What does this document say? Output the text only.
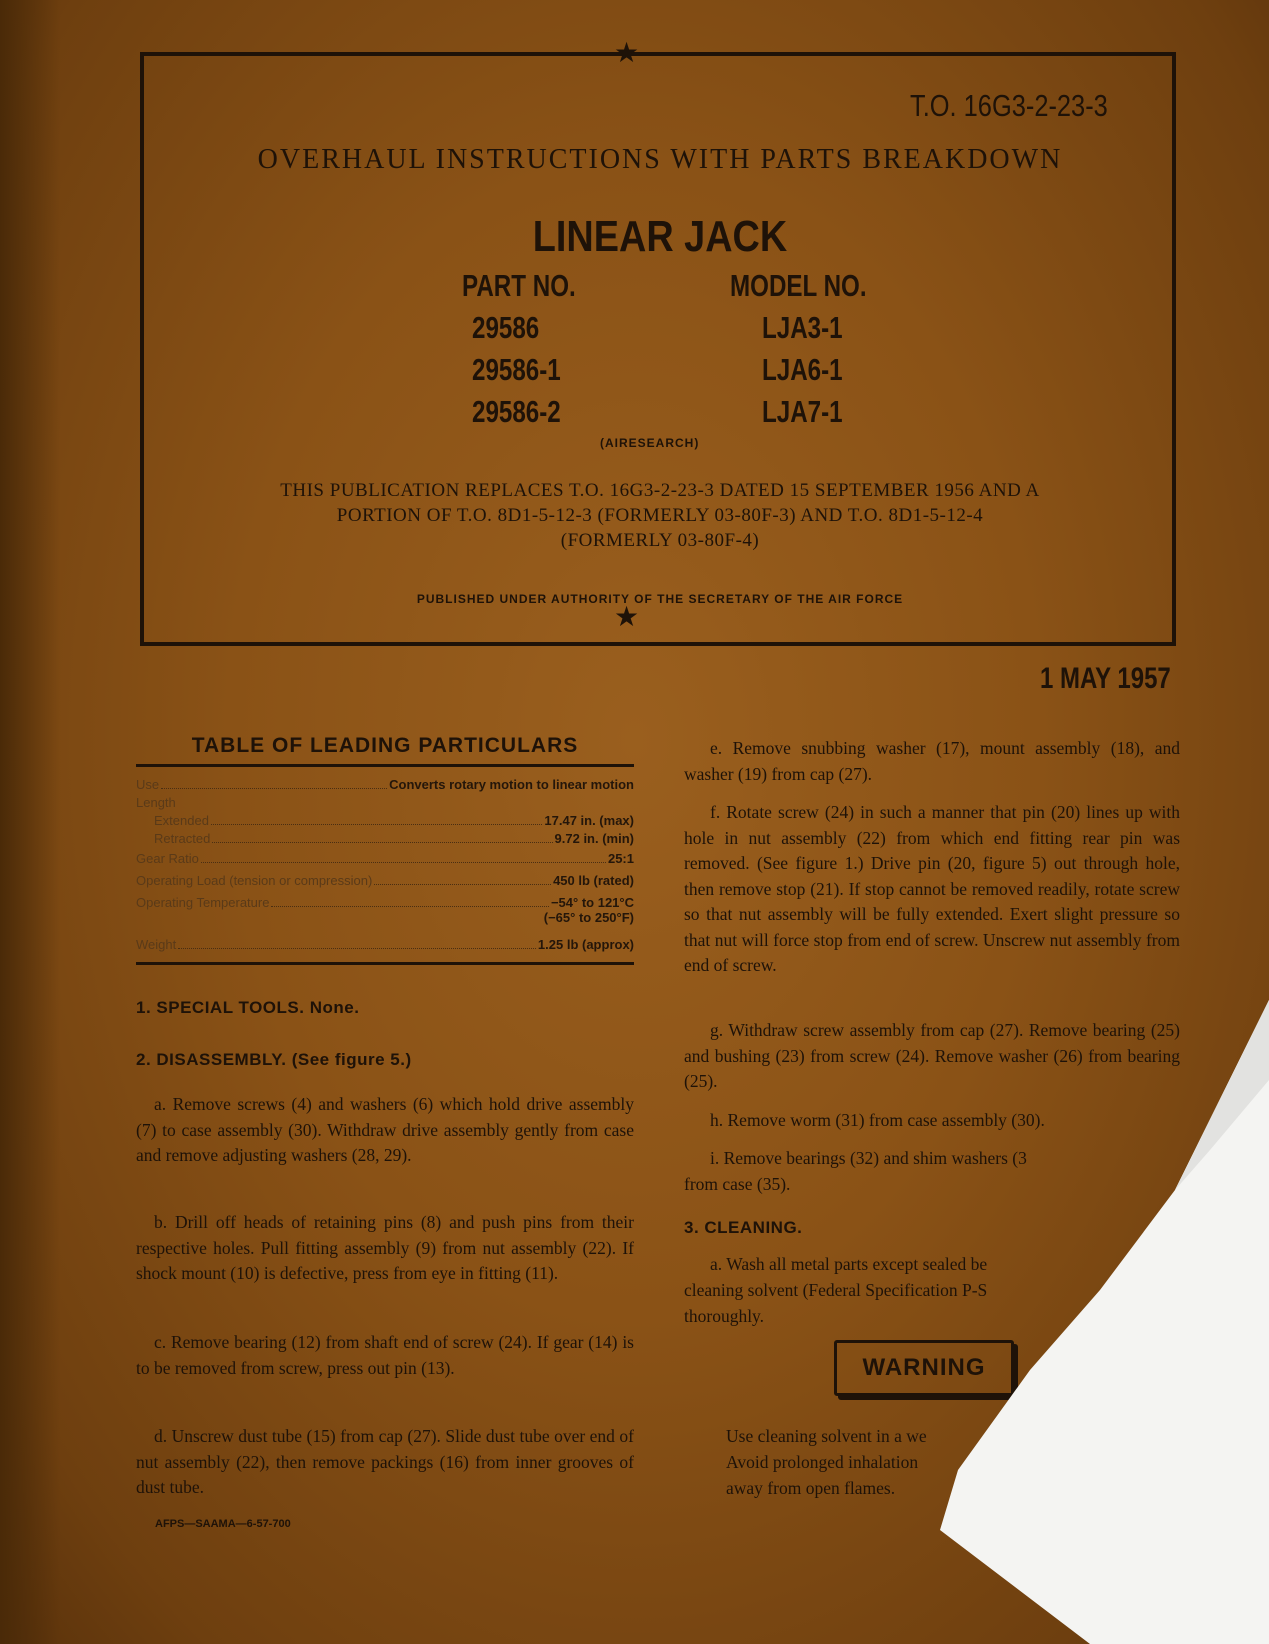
★
★
T.O. 16G3-2-23-3
OVERHAUL INSTRUCTIONS WITH PARTS BREAKDOWN
LINEAR JACK
PART NO.	MODEL NO.
29586	LJA3-1
29586-1	LJA6-1
29586-2	LJA7-1
(AIRESEARCH)
THIS PUBLICATION REPLACES T.O. 16G3-2-23-3 DATED 15 SEPTEMBER 1956 AND A
PORTION OF T.O. 8D1-5-12-3 (FORMERLY 03-80F-3) AND T.O. 8D1-5-12-4
(FORMERLY 03-80F-4)
PUBLISHED UNDER AUTHORITY OF THE SECRETARY OF THE AIR FORCE
1 MAY 1957
TABLE OF LEADING PARTICULARS
Use	Converts rotary motion to linear motion
Length
Extended	17.47 in. (max)
Retracted	9.72 in. (min)
Gear Ratio	25:1
Operating Load (tension or compression)	450 lb (rated)
Operating Temperature	−54° to 121°C
(−65° to 250°F)
Weight	1.25 lb (approx)
1. SPECIAL TOOLS. None.
2. DISASSEMBLY. (See figure 5.)
a. Remove screws (4) and washers (6) which hold drive assembly (7) to case assembly (30). Withdraw drive assembly gently from case and remove adjusting washers (28, 29).
b. Drill off heads of retaining pins (8) and push pins from their respective holes. Pull fitting assembly (9) from nut assembly (22). If shock mount (10) is defective, press from eye in fitting (11).
c. Remove bearing (12) from shaft end of screw (24). If gear (14) is to be removed from screw, press out pin (13).
d. Unscrew dust tube (15) from cap (27). Slide dust tube over end of nut assembly (22), then remove packings (16) from inner grooves of dust tube.
AFPS—SAAMA—6-57-700
e. Remove snubbing washer (17), mount assembly (18), and washer (19) from cap (27).
f. Rotate screw (24) in such a manner that pin (20) lines up with hole in nut assembly (22) from which end fitting rear pin was removed. (See figure 1.) Drive pin (20, figure 5) out through hole, then remove stop (21). If stop cannot be removed readily, rotate screw so that nut assembly will be fully extended. Exert slight pressure so that nut will force stop from end of screw. Unscrew nut assembly from end of screw.
g. Withdraw screw assembly from cap (27). Remove bearing (25) and bushing (23) from screw (24). Remove washer (26) from bearing (25).
h. Remove worm (31) from case assembly (30).
i. Remove bearings (32) and shim washers (3
from case (35).
3. CLEANING.
a. Wash all metal parts except sealed be
cleaning solvent (Federal Specification P-S
thoroughly.
WARNING
Use cleaning solvent in a we
Avoid prolonged inhalation
away from open flames.
